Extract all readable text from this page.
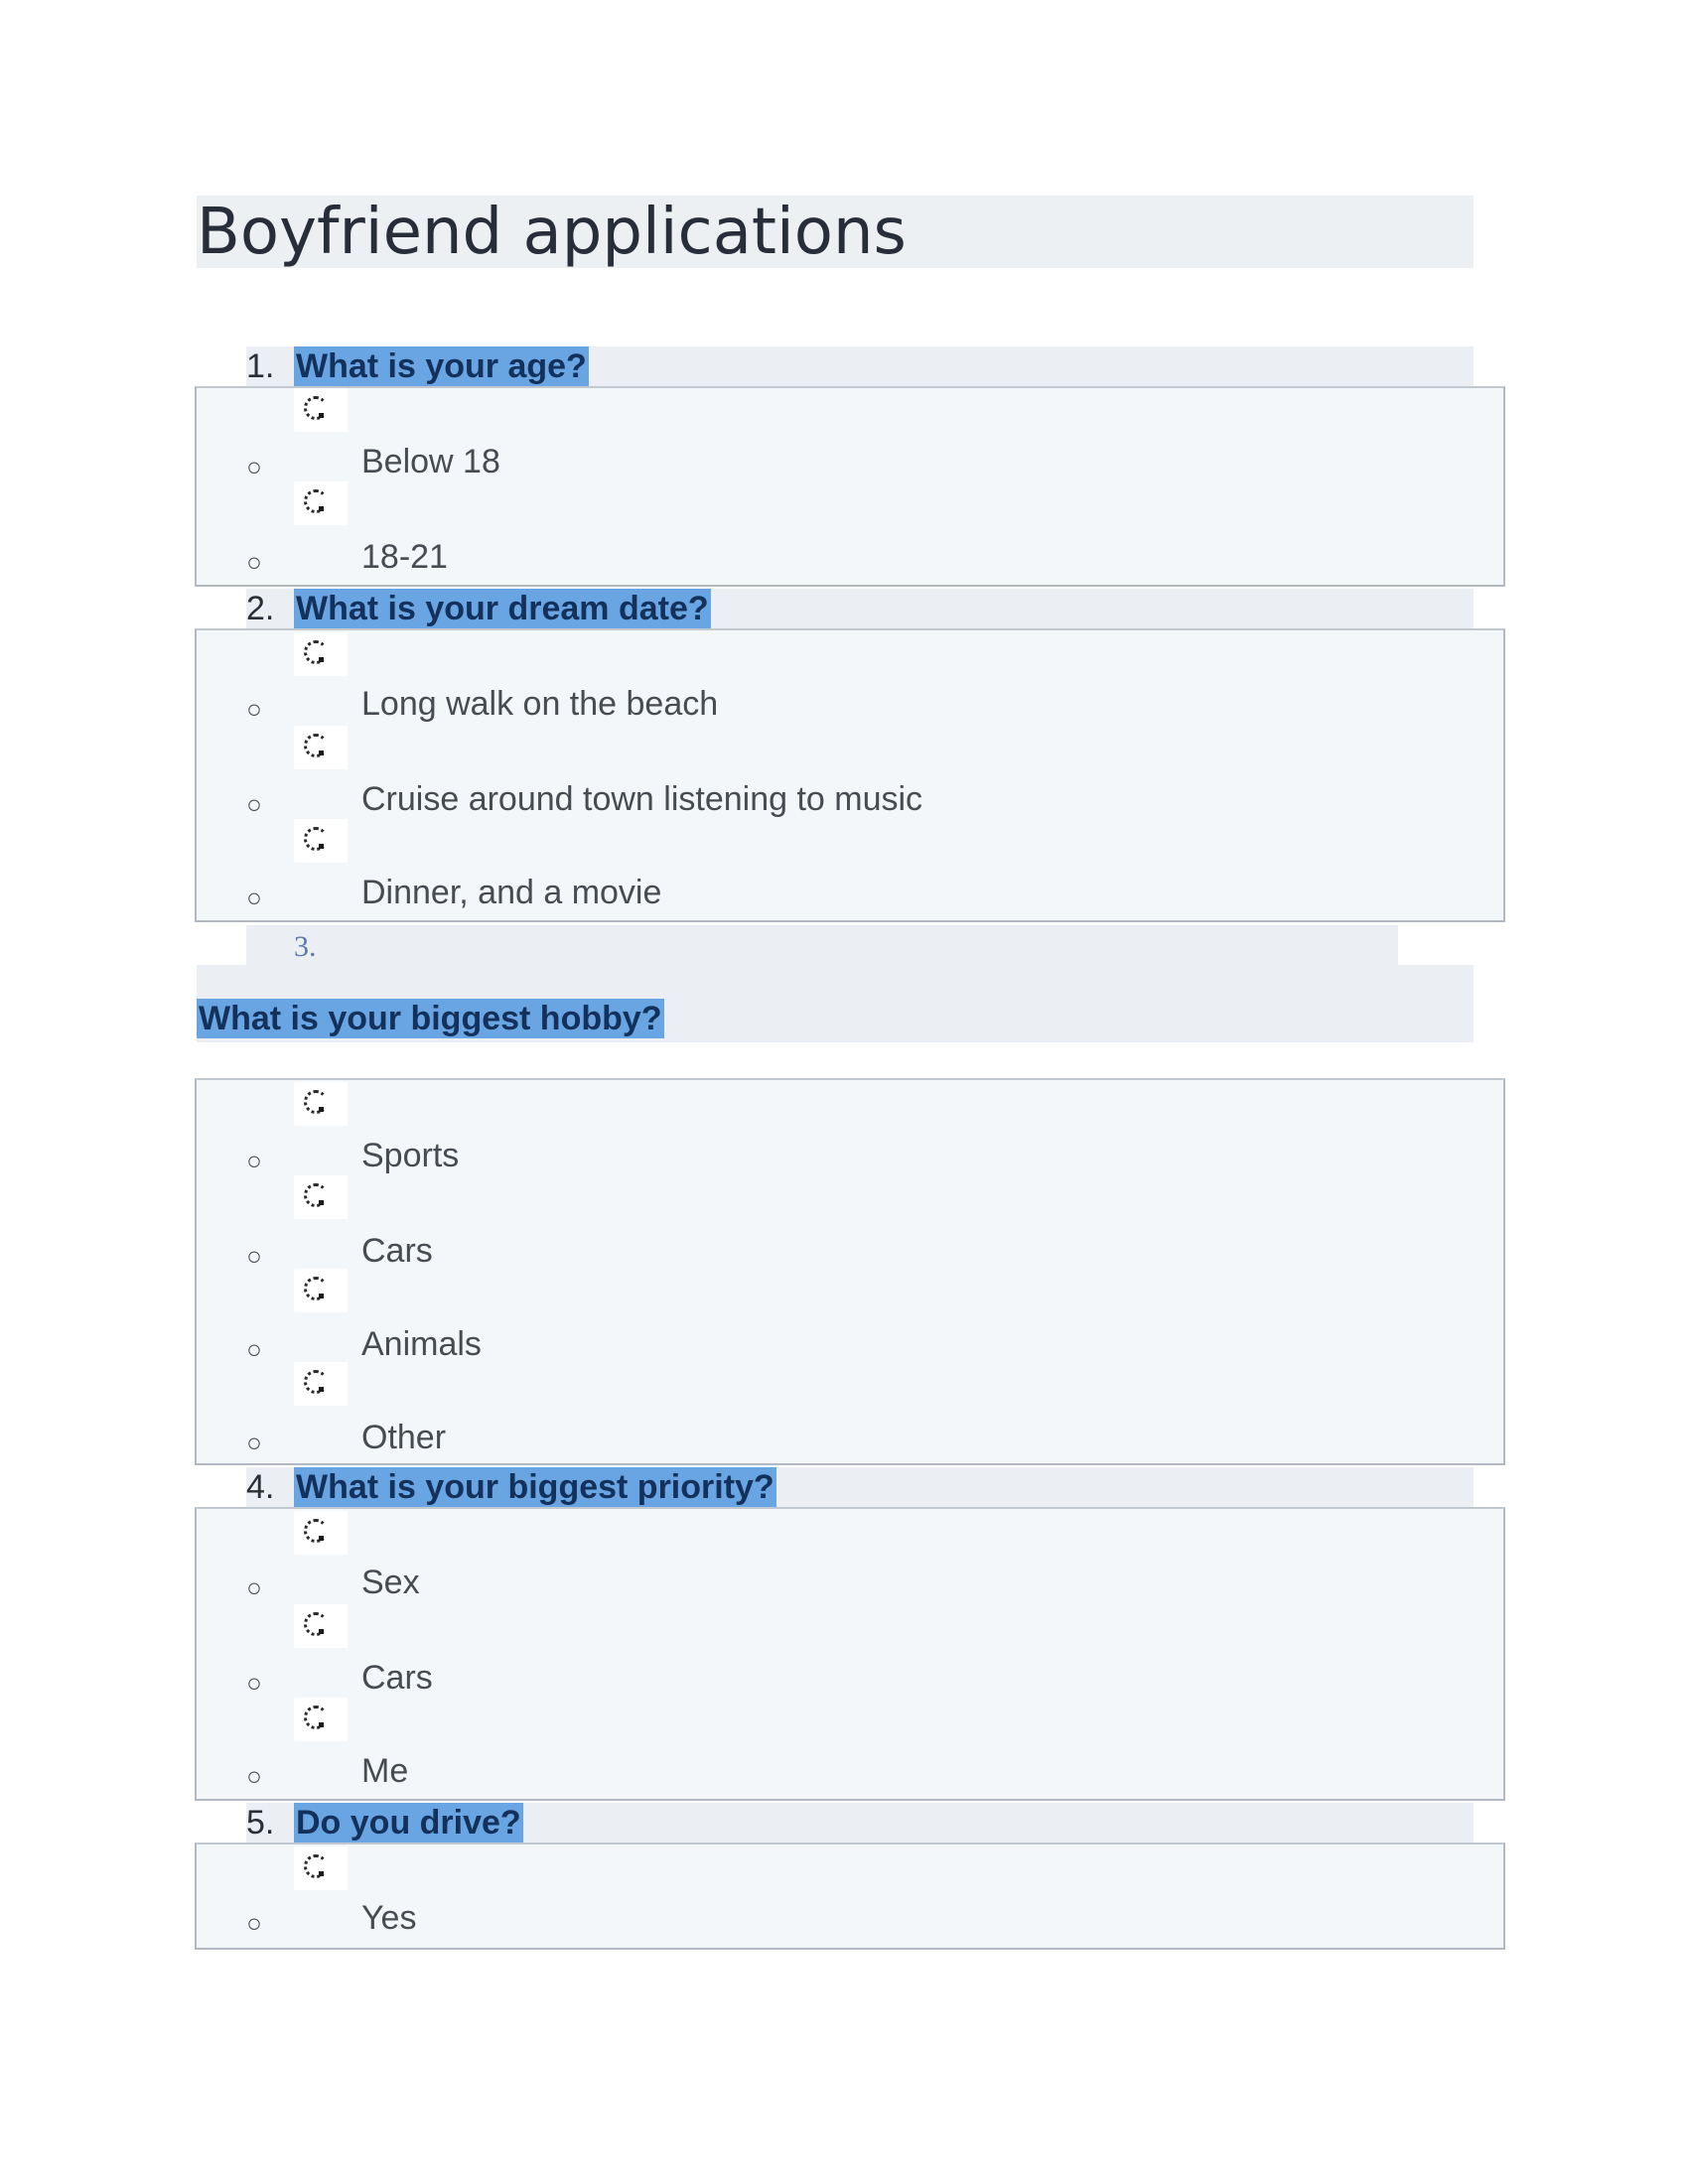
Boyfriend applications
1. What is your age?
○	Below 18
○	18-21
2. What is your dream date?
○	Long walk on the beach
○	Cruise around town listening to music
○	Dinner, and a movie
3.
What is your biggest hobby?
○	Sports
○	Cars
○	Animals
○	Other
4. What is your biggest priority?
○	Sex
○	Cars
○	Me
5. Do you drive?
○	Yes
